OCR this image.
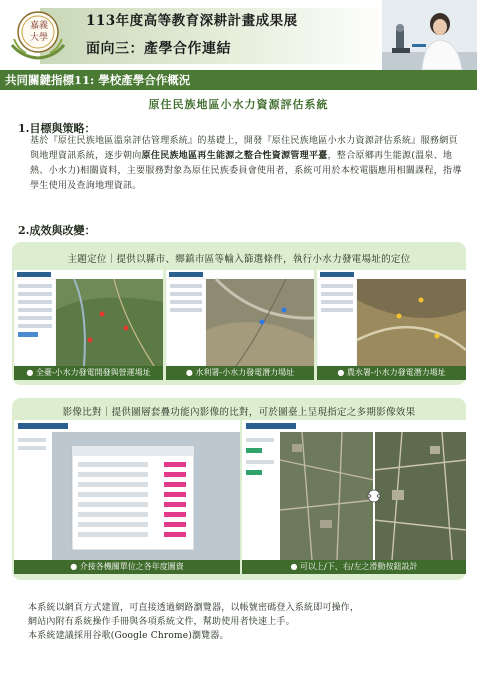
嘉 義
大 學
113年度高等教育深耕計畫成果展
面向三：產學合作連結
共同關鍵指標11: 學校產學合作概況
原住民族地區小水力資源評估系統
1.目標與策略：
基於『原住民族地區溫泉評估管理系統』的基礎上，開發『原住民族地區小水力資源評估系統』服務網頁與地理資訊系統，逐步朝向原住民族地區再生能源之整合性資源管理平臺，整合原鄉再生能源(溫泉、地熱、小水力)相關資料，主要服務對象為原住民族委員會使用者，系統可用於本校電腦應用相關課程，指導學生使用及查詢地理資訊。
2.成效與改變：
主題定位｜提供以縣市、鄉鎮市區等輸入篩選條件，執行小水力發電場址的定位
● 全臺-小水力發電開發與營運場址	● 水利署-小水力發電潛力場址	● 農水署-小水力發電潛力場址
影像比對｜提供圖層套疊功能內影像的比對，可於圖臺上呈現指定之多期影像效果
● 介接各機關單位之各年度圖資	● 可以上/下、右/左之滑動按鈕設計

本系統以網頁方式建置，可直接透過網路瀏覽器，以帳號密碼登入系統即可操作，

網站內附有系統操作手冊與各項系統文件，幫助使用者快速上手。

本系統建議採用谷歌(Google Chrome)瀏覽器。
